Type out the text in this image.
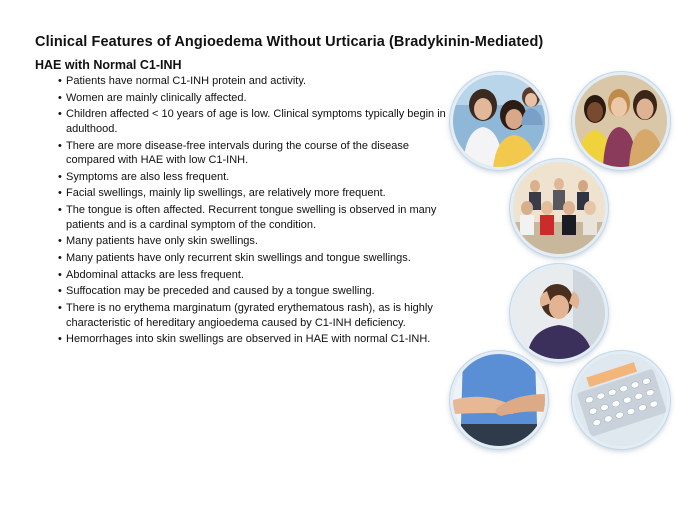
Clinical Features of Angioedema Without Urticaria (Bradykinin-Mediated)
HAE with Normal C1-INH
• Patients have normal C1-INH protein and activity.
• Women are mainly clinically affected.
• Children affected < 10 years of age is low. Clinical symptoms typically begin in adulthood.
• There are more disease-free intervals during the course of the disease compared with HAE with low C1-INH.
• Symptoms are also less frequent.
• Facial swellings, mainly lip swellings, are relatively more frequent.
• The tongue is often affected. Recurrent tongue swelling is observed in many patients and is a cardinal symptom of the condition.
• Many patients have only skin swellings.
• Many patients have only recurrent skin swellings and tongue swellings.
• Abdominal attacks are less frequent.
• Suffocation may be preceded and caused by a tongue swelling.
• There is no erythema marginatum (gyrated erythematous rash), as is highly characteristic of hereditary angioedema caused by C1-INH deficiency.
• Hemorrhages into skin swellings are observed in HAE with normal C1-INH.
